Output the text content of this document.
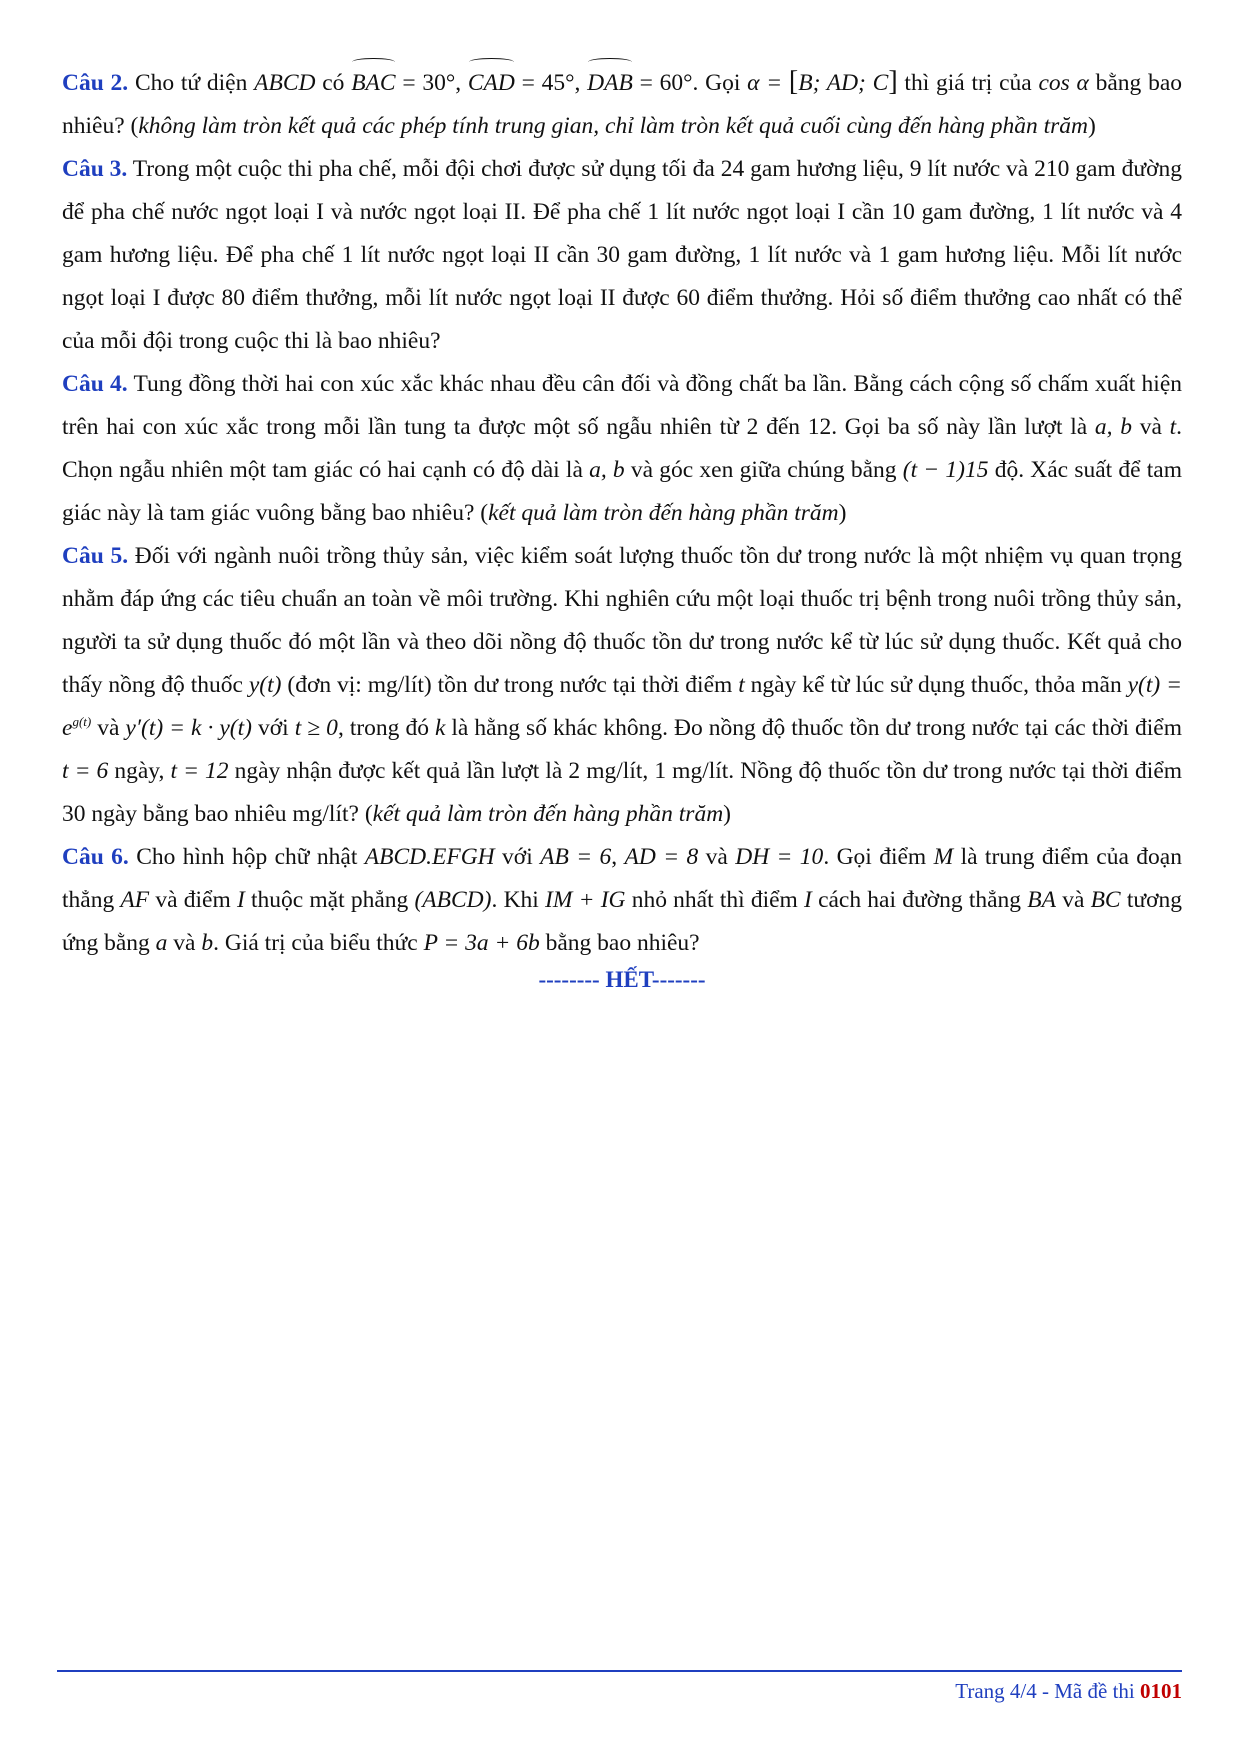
Câu 2. Cho tứ diện ABCD có BAC = 30°, CAD = 45°, DAB = 60°. Gọi α = [B; AD; C] thì giá trị của cos α bằng bao nhiêu? (không làm tròn kết quả các phép tính trung gian, chỉ làm tròn kết quả cuối cùng đến hàng phần trăm)

Câu 3. Trong một cuộc thi pha chế, mỗi đội chơi được sử dụng tối đa 24 gam hương liệu, 9 lít nước và 210 gam đường để pha chế nước ngọt loại I và nước ngọt loại II. Để pha chế 1 lít nước ngọt loại I cần 10 gam đường, 1 lít nước và 4 gam hương liệu. Để pha chế 1 lít nước ngọt loại II cần 30 gam đường, 1 lít nước và 1 gam hương liệu. Mỗi lít nước ngọt loại I được 80 điểm thưởng, mỗi lít nước ngọt loại II được 60 điểm thưởng. Hỏi số điểm thưởng cao nhất có thể của mỗi đội trong cuộc thi là bao nhiêu?

Câu 4. Tung đồng thời hai con xúc xắc khác nhau đều cân đối và đồng chất ba lần. Bằng cách cộng số chấm xuất hiện trên hai con xúc xắc trong mỗi lần tung ta được một số ngẫu nhiên từ 2 đến 12. Gọi ba số này lần lượt là a, b và t. Chọn ngẫu nhiên một tam giác có hai cạnh có độ dài là a, b và góc xen giữa chúng bằng (t − 1)15 độ. Xác suất để tam giác này là tam giác vuông bằng bao nhiêu? (kết quả làm tròn đến hàng phần trăm)

Câu 5. Đối với ngành nuôi trồng thủy sản, việc kiểm soát lượng thuốc tồn dư trong nước là một nhiệm vụ quan trọng nhằm đáp ứng các tiêu chuẩn an toàn về môi trường. Khi nghiên cứu một loại thuốc trị bệnh trong nuôi trồng thủy sản, người ta sử dụng thuốc đó một lần và theo dõi nồng độ thuốc tồn dư trong nước kể từ lúc sử dụng thuốc. Kết quả cho thấy nồng độ thuốc y(t) (đơn vị: mg/lít) tồn dư trong nước tại thời điểm t ngày kể từ lúc sử dụng thuốc, thỏa mãn $y(t) = e^{g(t)}$ và y′(t) = k · y(t) với t ≥ 0, trong đó k là hằng số khác không. Đo nồng độ thuốc tồn dư trong nước tại các thời điểm t = 6 ngày, t = 12 ngày nhận được kết quả lần lượt là 2 mg/lít, 1 mg/lít. Nồng độ thuốc tồn dư trong nước tại thời điểm 30 ngày bằng bao nhiêu mg/lít? (kết quả làm tròn đến hàng phần trăm)

Câu 6. Cho hình hộp chữ nhật ABCD.EFGH với AB = 6, AD = 8 và DH = 10. Gọi điểm M là trung điểm của đoạn thẳng AF và điểm I thuộc mặt phẳng (ABCD). Khi IM + IG nhỏ nhất thì điểm I cách hai đường thẳng BA và BC tương ứng bằng a và b. Giá trị của biểu thức P = 3a + 6b bằng bao nhiêu?

-------- HẾT-------
Trang 4/4 - Mã đề thi 0101
